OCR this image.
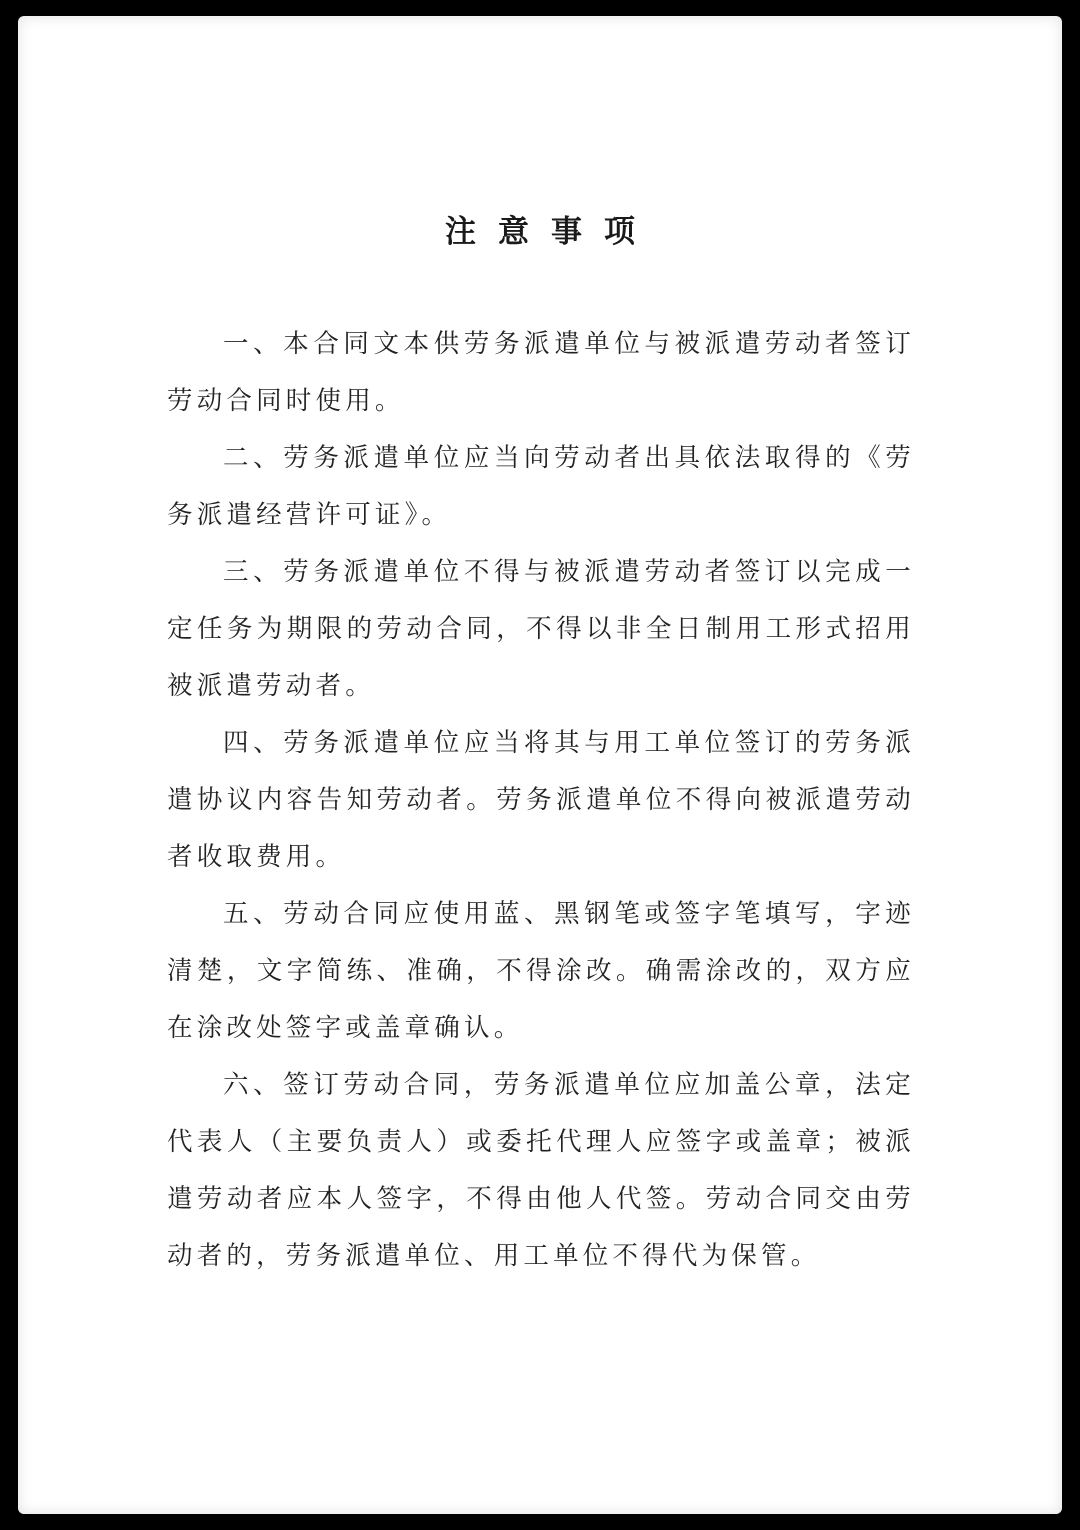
注意事项

一、本合同文本供劳务派遣单位与被派遣劳动者签订劳动合同时使用。

二、劳务派遣单位应当向劳动者出具依法取得的《劳务派遣经营许可证》。

三、劳务派遣单位不得与被派遣劳动者签订以完成一定任务为期限的劳动合同，不得以非全日制用工形式招用被派遣劳动者。

四、劳务派遣单位应当将其与用工单位签订的劳务派遣协议内容告知劳动者。劳务派遣单位不得向被派遣劳动者收取费用。

五、劳动合同应使用蓝、黑钢笔或签字笔填写，字迹清楚，文字简练、准确，不得涂改。确需涂改的，双方应在涂改处签字或盖章确认。

六、签订劳动合同，劳务派遣单位应加盖公章，法定代表人（主要负责人）或委托代理人应签字或盖章；被派遣劳动者应本人签字，不得由他人代签。劳动合同交由劳动者的，劳务派遣单位、用工单位不得代为保管。
